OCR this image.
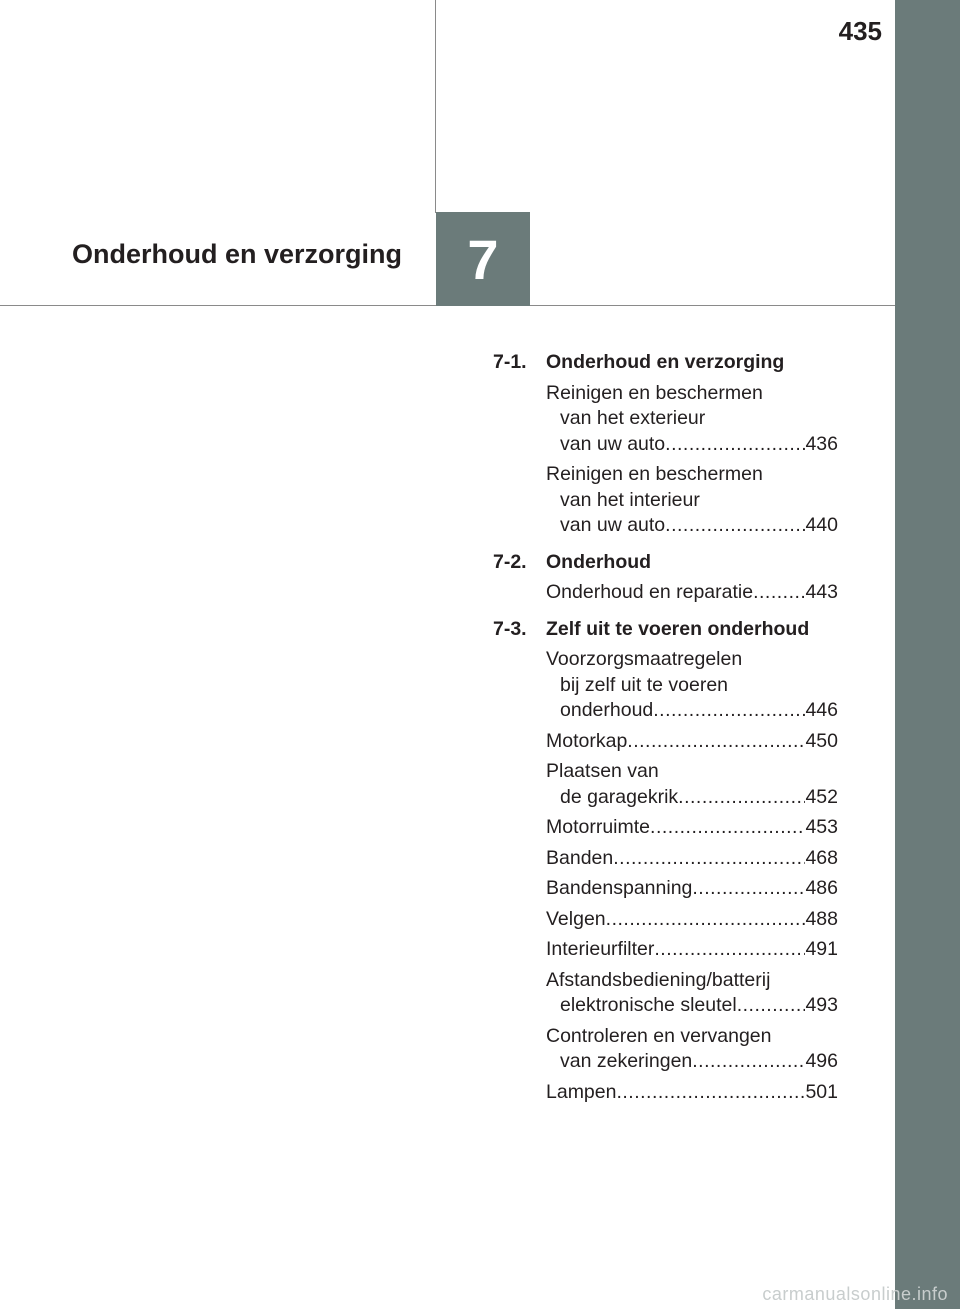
435
7
Onderhoud en verzorging
7-1. Onderhoud en verzorging
Reinigen en beschermen
van het exterieur
van uw auto .....	436
Reinigen en beschermen
van het interieur
van uw auto .....	440
7-2. Onderhoud
Onderhoud en reparatie .....	443
7-3. Zelf uit te voeren onderhoud
Voorzorgsmaatregelen
bij zelf uit te voeren
onderhoud .....	446
Motorkap .....	450
Plaatsen van
de garagekrik .....	452
Motorruimte .....	453
Banden .....	468
Bandenspanning .....	486
Velgen .....	488
Interieurfilter .....	491
Afstandsbediening/batterij
elektronische sleutel .....	493
Controleren en vervangen
van zekeringen .....	496
Lampen .....	501
carmanualsonline.info
